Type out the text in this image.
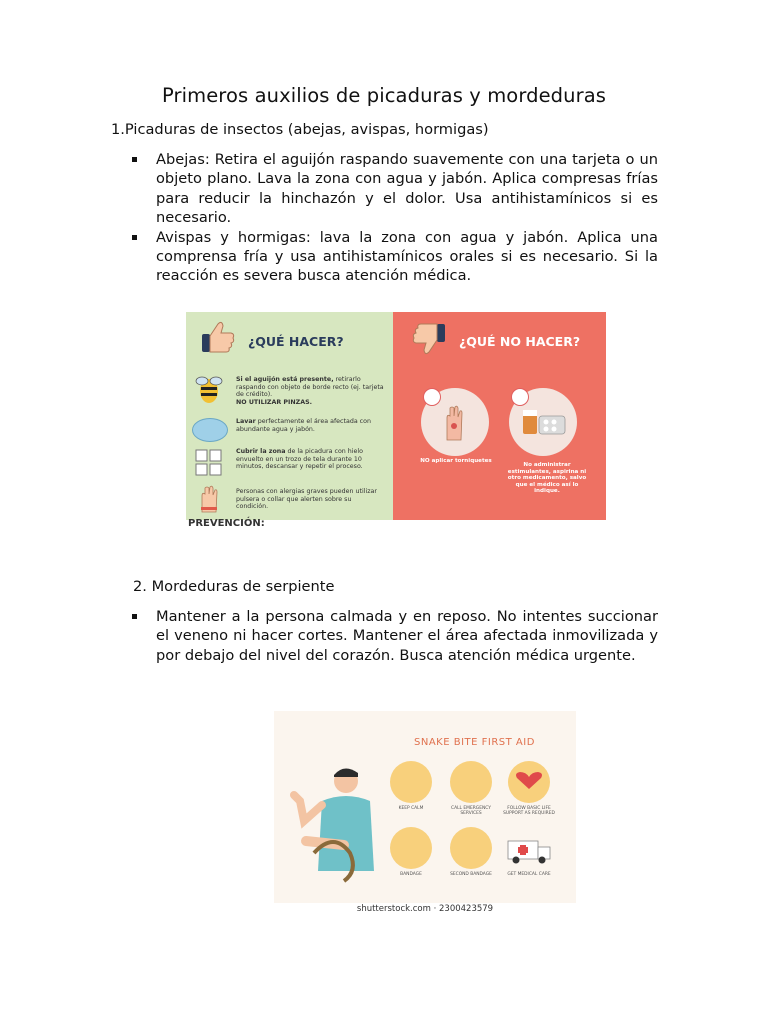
Primeros auxilios de picaduras y mordeduras

1.Picaduras de insectos (abejas, avispas, hormigas)

Abejas: Retira el aguijón raspando suavemente con una tarjeta o un objeto plano. Lava la zona con agua y jabón. Aplica compresas frías para reducir la hinchazón y el dolor. Usa antihistamínicos si es necesario.
Avispas y hormigas: lava la zona con agua y jabón. Aplica una comprensa fría y usa antihistamínicos orales si es necesario. Si la reacción es severa busca atención médica.
¿QUÉ HACER?
Si el aguijón está presente, retirarlo raspando con objeto de borde recto (ej. tarjeta de crédito).
NO UTILIZAR PINZAS.
Lavar perfectamente el área afectada con abundante agua y jabón.
Cubrir la zona de la picadura con hielo envuelto en un trozo de tela durante 10 minutos, descansar y repetir el proceso.
Personas con alergias graves pueden utilizar pulsera o collar que alerten sobre su condición.
¿QUÉ NO HACER?
NO aplicar torniquetes
No administrar estimulantes, aspirina ni otro medicamento, salvo que el médico así lo indique.
PREVENCIÓN:

2. Mordeduras de serpiente

Mantener a la persona calmada y en reposo. No intentes succionar el veneno ni hacer cortes. Mantener el área afectada inmovilizada y por debajo del nivel del corazón. Busca atención médica urgente.
SNAKE BITE FIRST AID
KEEP CALM	CALL EMERGENCY SERVICES
FOLLOW BASIC LIFE SUPPORT AS REQUIRED
BANDAGE	SECOND BANDAGE	GET MEDICAL CARE
shutterstock.com · 2300423579
